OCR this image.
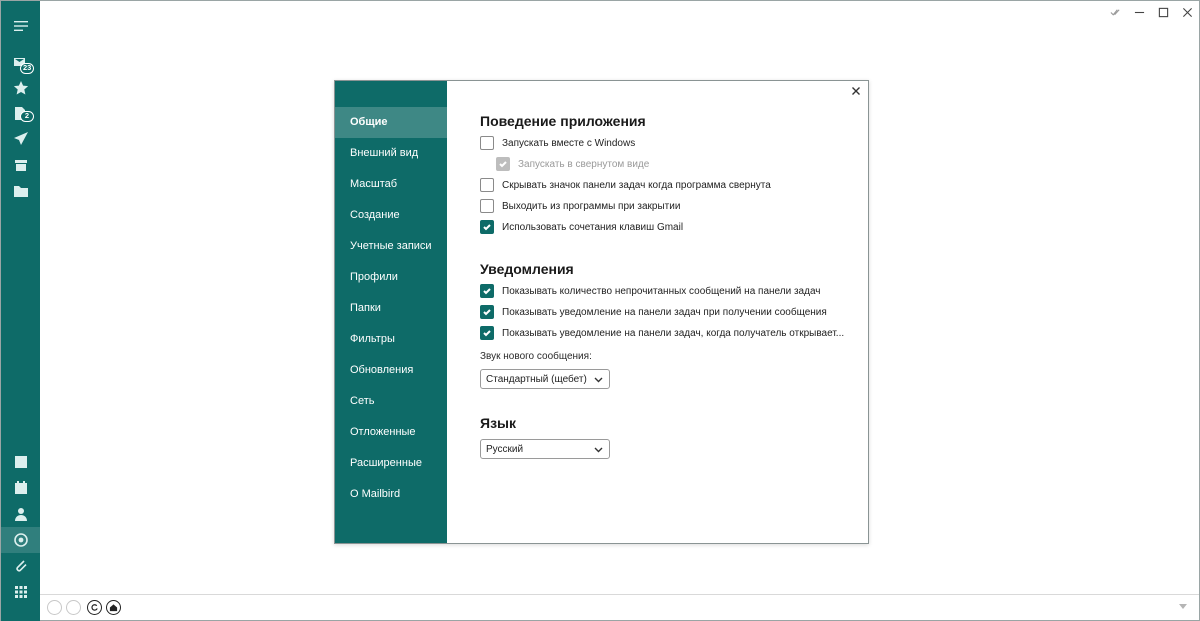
23
2
Общие
Внешний вид
Масштаб
Создание
Учетные записи
Профили
Папки
Фильтры
Обновления
Сеть
Отложенные
Расширенные
О Mailbird
Поведение приложения
Запускать вместе с Windows
Запускать в свернутом виде
Скрывать значок панели задач когда программа свернута
Выходить из программы при закрытии
Использовать сочетания клавиш Gmail
Уведомления
Показывать количество непрочитанных сообщений на панели задач
Показывать уведомление на панели задач при получении сообщения
Показывать уведомление на панели задач, когда получатель открывает...
Звук нового сообщения:
Стандартный (щебет)
Язык
Русский
